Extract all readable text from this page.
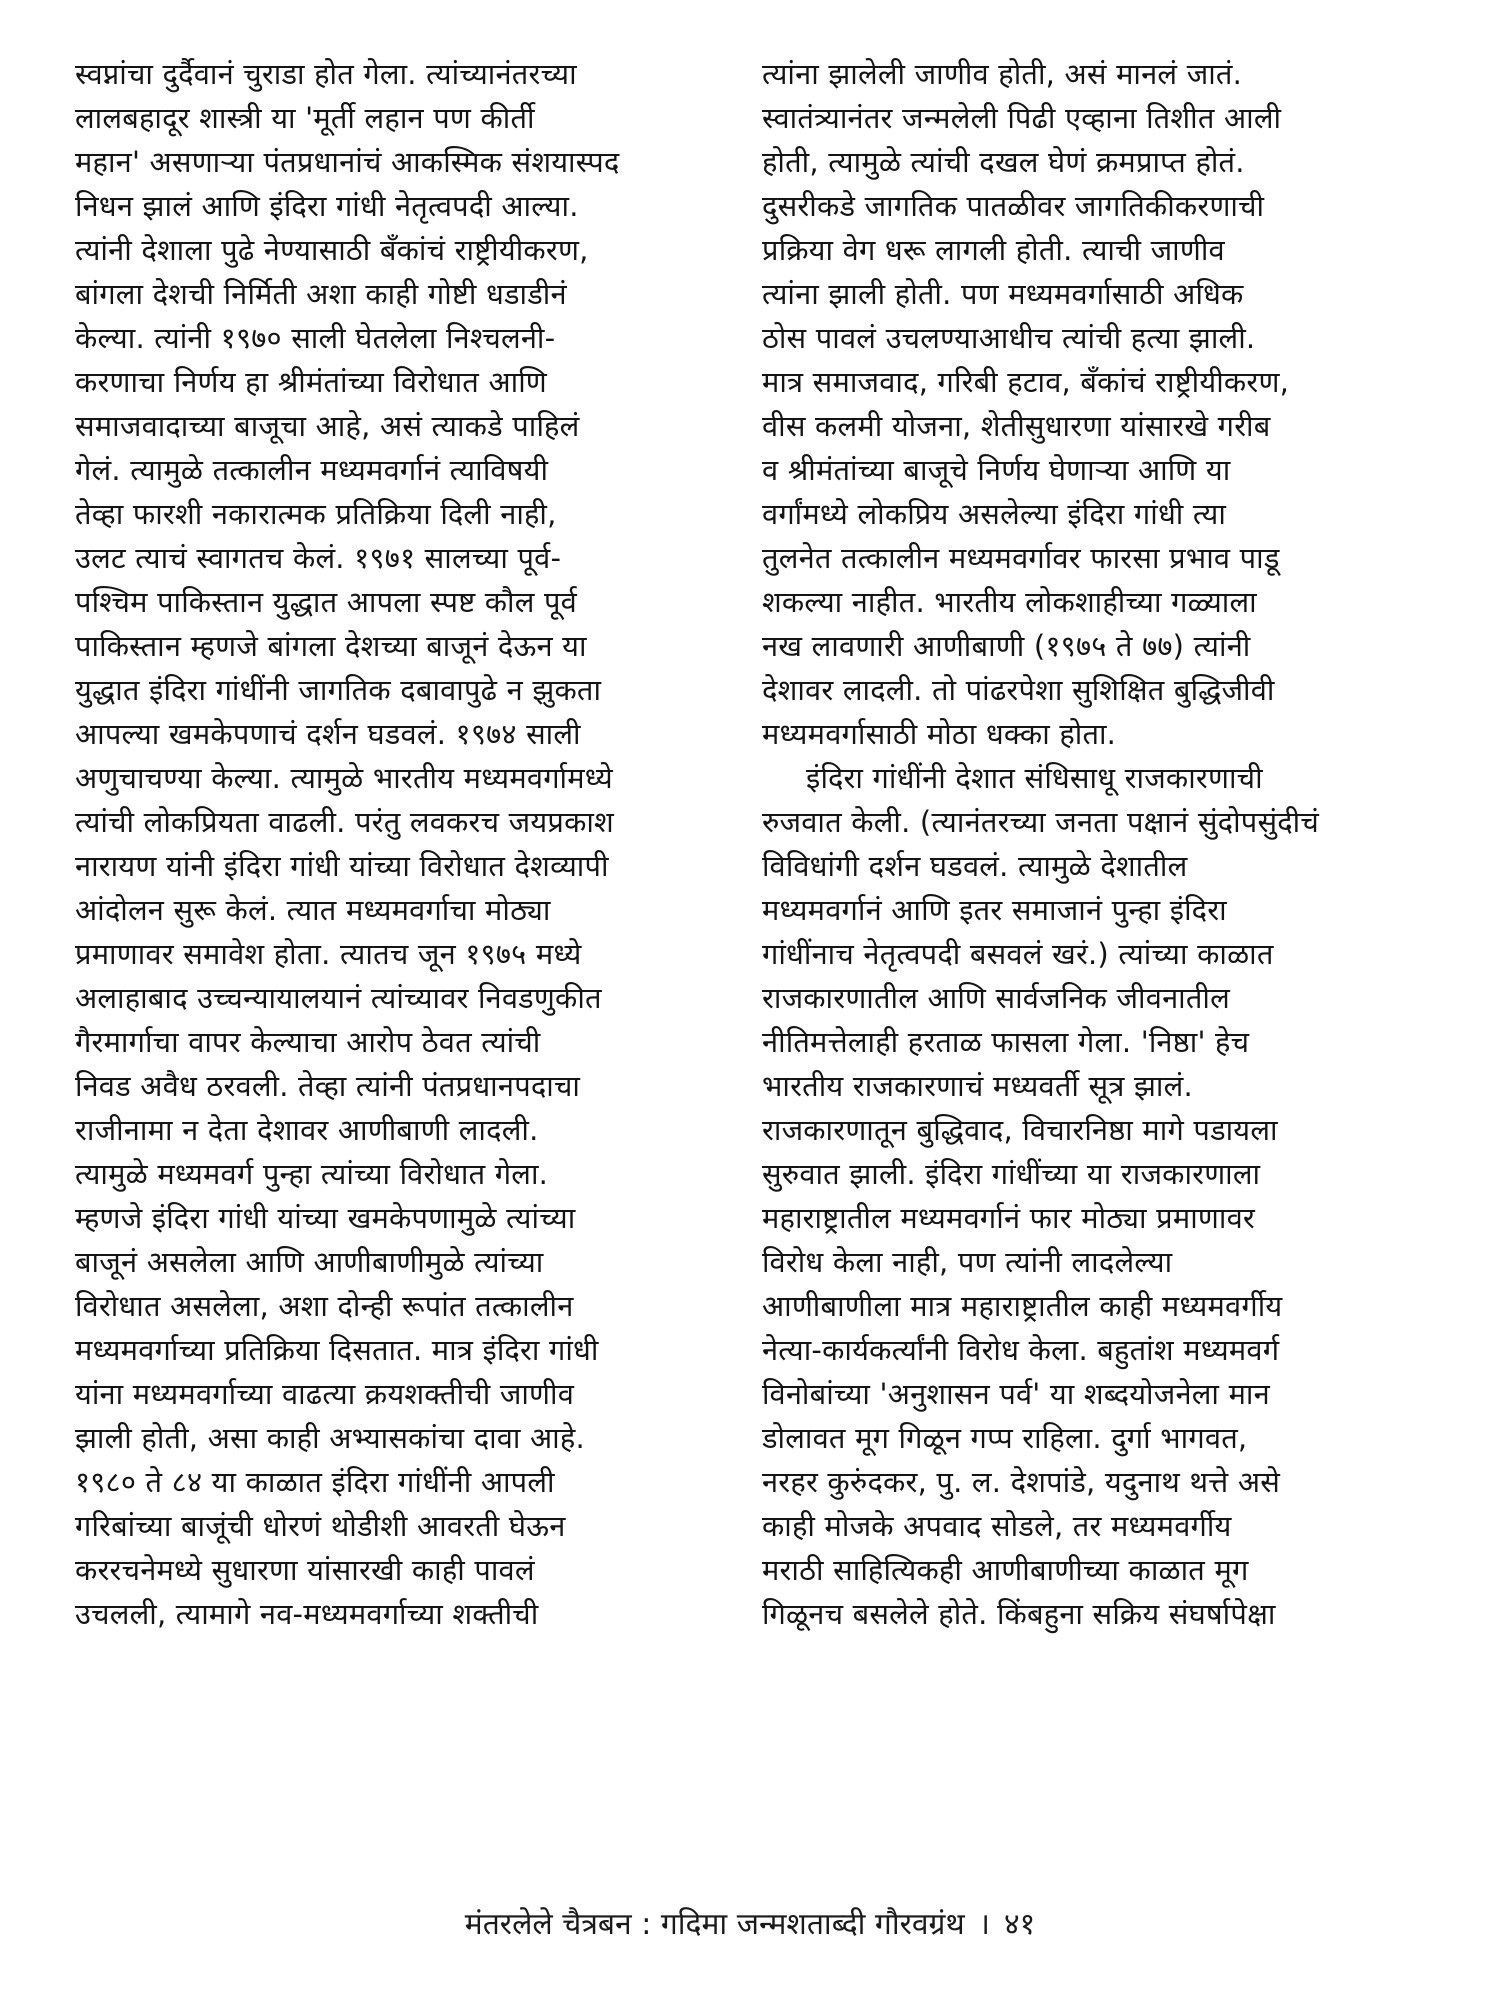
स्वप्नांचा दुर्दैवानं चुराडा होत गेला. त्यांच्यानंतरच्या
लालबहादूर शास्त्री या 'मूर्ती लहान पण कीर्ती
महान' असणाऱ्या पंतप्रधानांचं आकस्मिक संशयास्पद
निधन झालं आणि इंदिरा गांधी नेतृत्वपदी आल्या.
त्यांनी देशाला पुढे नेण्यासाठी बँकांचं राष्ट्रीयीकरण,
बांगला देशची निर्मिती अशा काही गोष्टी धडाडीनं
केल्या. त्यांनी १९७० साली घेतलेला निश्चलनी-
करणाचा निर्णय हा श्रीमंतांच्या विरोधात आणि
समाजवादाच्या बाजूचा आहे, असं त्याकडे पाहिलं
गेलं. त्यामुळे तत्कालीन मध्यमवर्गानं त्याविषयी
तेव्हा फारशी नकारात्मक प्रतिक्रिया दिली नाही,
उलट त्याचं स्वागतच केलं. १९७१ सालच्या पूर्व-
पश्चिम पाकिस्तान युद्धात आपला स्पष्ट कौल पूर्व
पाकिस्तान म्हणजे बांगला देशच्या बाजूनं देऊन या
युद्धात इंदिरा गांधींनी जागतिक दबावापुढे न झुकता
आपल्या खमकेपणाचं दर्शन घडवलं. १९७४ साली
अणुचाचण्या केल्या. त्यामुळे भारतीय मध्यमवर्गामध्ये
त्यांची लोकप्रियता वाढली. परंतु लवकरच जयप्रकाश
नारायण यांनी इंदिरा गांधी यांच्या विरोधात देशव्यापी
आंदोलन सुरू केलं. त्यात मध्यमवर्गाचा मोठ्या
प्रमाणावर समावेश होता. त्यातच जून १९७५ मध्ये
अलाहाबाद उच्चन्यायालयानं त्यांच्यावर निवडणुकीत
गैरमार्गाचा वापर केल्याचा आरोप ठेवत त्यांची
निवड अवैध ठरवली. तेव्हा त्यांनी पंतप्रधानपदाचा
राजीनामा न देता देशावर आणीबाणी लादली.
त्यामुळे मध्यमवर्ग पुन्हा त्यांच्या विरोधात गेला.
म्हणजे इंदिरा गांधी यांच्या खमकेपणामुळे त्यांच्या
बाजूनं असलेला आणि आणीबाणीमुळे त्यांच्या
विरोधात असलेला, अशा दोन्ही रूपांत तत्कालीन
मध्यमवर्गाच्या प्रतिक्रिया दिसतात. मात्र इंदिरा गांधी
यांना मध्यमवर्गाच्या वाढत्या क्रयशक्तीची जाणीव
झाली होती, असा काही अभ्यासकांचा दावा आहे.
१९८० ते ८४ या काळात इंदिरा गांधींनी आपली
गरिबांच्या बाजूंची धोरणं थोडीशी आवरती घेऊन
कररचनेमध्ये सुधारणा यांसारखी काही पावलं
उचलली, त्यामागे नव-मध्यमवर्गाच्या शक्तीची
त्यांना झालेली जाणीव होती, असं मानलं जातं.
स्वातंत्र्यानंतर जन्मलेली पिढी एव्हाना तिशीत आली
होती, त्यामुळे त्यांची दखल घेणं क्रमप्राप्त होतं.
दुसरीकडे जागतिक पातळीवर जागतिकीकरणाची
प्रक्रिया वेग धरू लागली होती. त्याची जाणीव
त्यांना झाली होती. पण मध्यमवर्गासाठी अधिक
ठोस पावलं उचलण्याआधीच त्यांची हत्या झाली.
मात्र समाजवाद, गरिबी हटाव, बँकांचं राष्ट्रीयीकरण,
वीस कलमी योजना, शेतीसुधारणा यांसारखे गरीब
व श्रीमंतांच्या बाजूचे निर्णय घेणाऱ्या आणि या
वर्गांमध्ये लोकप्रिय असलेल्या इंदिरा गांधी त्या
तुलनेत तत्कालीन मध्यमवर्गावर फारसा प्रभाव पाडू
शकल्या नाहीत. भारतीय लोकशाहीच्या गळ्याला
नख लावणारी आणीबाणी (१९७५ ते ७७) त्यांनी
देशावर लादली. तो पांढरपेशा सुशिक्षित बुद्धिजीवी
मध्यमवर्गासाठी मोठा धक्का होता.
इंदिरा गांधींनी देशात संधिसाधू राजकारणाची
रुजवात केली. (त्यानंतरच्या जनता पक्षानं सुंदोपसुंदीचं
विविधांगी दर्शन घडवलं. त्यामुळे देशातील
मध्यमवर्गानं आणि इतर समाजानं पुन्हा इंदिरा
गांधींनाच नेतृत्वपदी बसवलं खरं.) त्यांच्या काळात
राजकारणातील आणि सार्वजनिक जीवनातील
नीतिमत्तेलाही हरताळ फासला गेला. 'निष्ठा' हेच
भारतीय राजकारणाचं मध्यवर्ती सूत्र झालं.
राजकारणातून बुद्धिवाद, विचारनिष्ठा मागे पडायला
सुरुवात झाली. इंदिरा गांधींच्या या राजकारणाला
महाराष्ट्रातील मध्यमवर्गानं फार मोठ्या प्रमाणावर
विरोध केला नाही, पण त्यांनी लादलेल्या
आणीबाणीला मात्र महाराष्ट्रातील काही मध्यमवर्गीय
नेत्या-कार्यकर्त्यांनी विरोध केला. बहुतांश मध्यमवर्ग
विनोबांच्या 'अनुशासन पर्व' या शब्दयोजनेला मान
डोलावत मूग गिळून गप्प राहिला. दुर्गा भागवत,
नरहर कुरुंदकर, पु. ल. देशपांडे, यदुनाथ थत्ते असे
काही मोजके अपवाद सोडले, तर मध्यमवर्गीय
मराठी साहित्यिकही आणीबाणीच्या काळात मूग
गिळूनच बसलेले होते. किंबहुना सक्रिय संघर्षापेक्षा
मंतरलेले चैत्रबन : गदिमा जन्मशताब्दी गौरवग्रंथ । ४१
